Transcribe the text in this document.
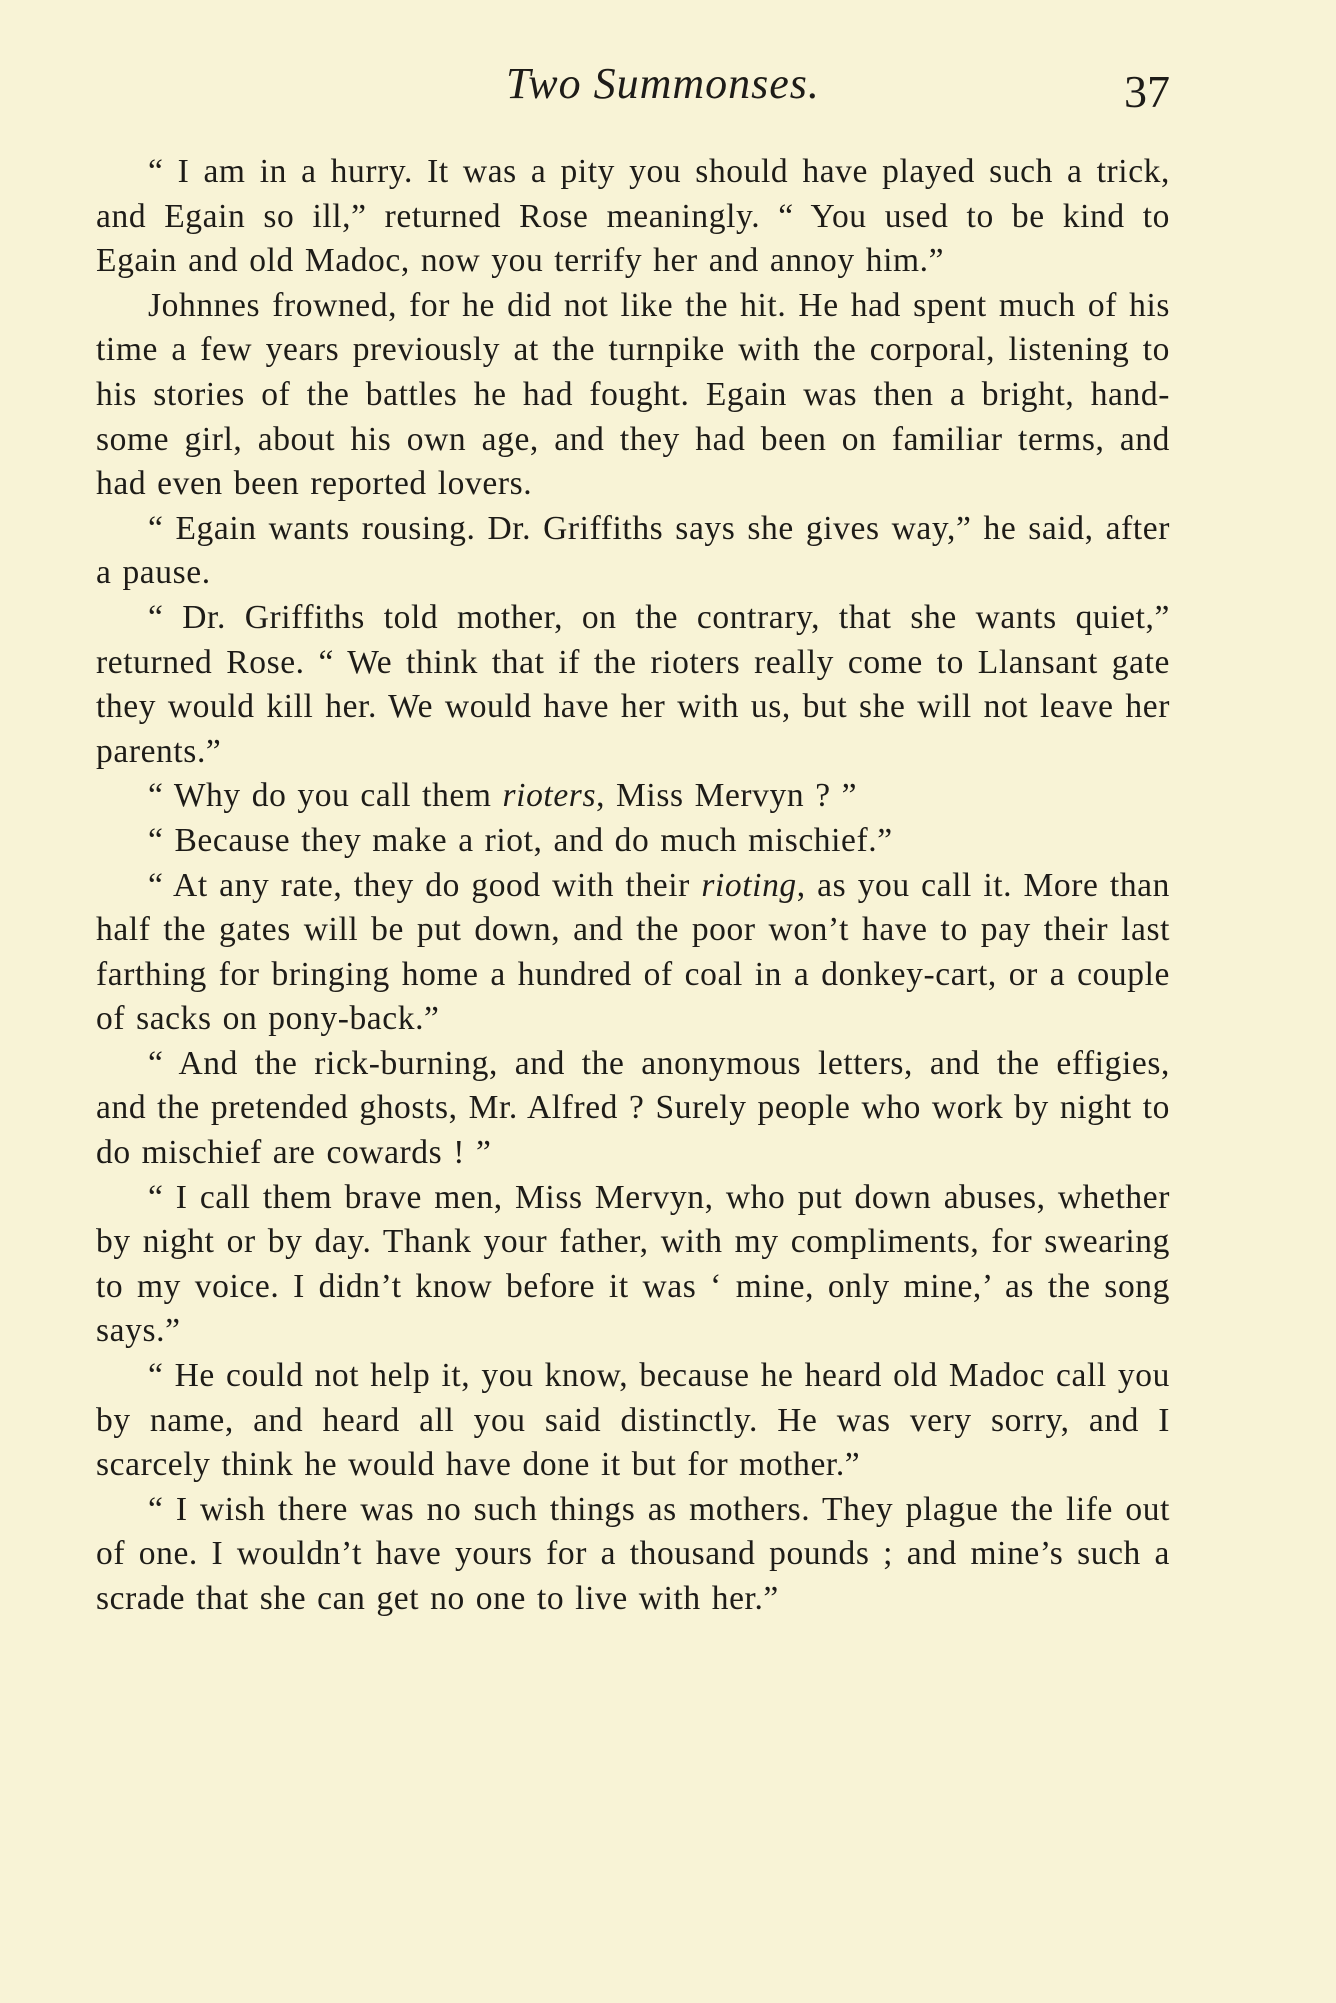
Two Summonses.	37

“ I am in a hurry. It was a pity you should have played such a trick, and Egain so ill,” returned Rose meaningly. “ You used to be kind to Egain and old Madoc, now you terrify her and annoy him.”

Johnnes frowned, for he did not like the hit. He had spent much of his time a few years previously at the turnpike with the corporal, listening to his stories of the battles he had fought. Egain was then a bright, hand-some girl, about his own age, and they had been on familiar terms, and had even been reported lovers.

“ Egain wants rousing. Dr. Griffiths says she gives way,” he said, after a pause.

“ Dr. Griffiths told mother, on the contrary, that she wants quiet,” returned Rose. “ We think that if the rioters really come to Llansant gate they would kill her. We would have her with us, but she will not leave her parents.”

“ Why do you call them rioters, Miss Mervyn ? ”

“ Because they make a riot, and do much mischief.”

“ At any rate, they do good with their rioting, as you call it. More than half the gates will be put down, and the poor won’t have to pay their last farthing for bringing home a hundred of coal in a donkey-cart, or a couple of sacks on pony-back.”

“ And the rick-burning, and the anonymous letters, and the effigies, and the pretended ghosts, Mr. Alfred ? Surely people who work by night to do mischief are cowards ! ”

“ I call them brave men, Miss Mervyn, who put down abuses, whether by night or by day. Thank your father, with my compliments, for swearing to my voice. I didn’t know before it was ‘ mine, only mine,’ as the song says.”

“ He could not help it, you know, because he heard old Madoc call you by name, and heard all you said distinctly. He was very sorry, and I scarcely think he would have done it but for mother.”

“ I wish there was no such things as mothers. They plague the life out of one. I wouldn’t have yours for a thousand pounds ; and mine’s such a scrade that she can get no one to live with her.”
